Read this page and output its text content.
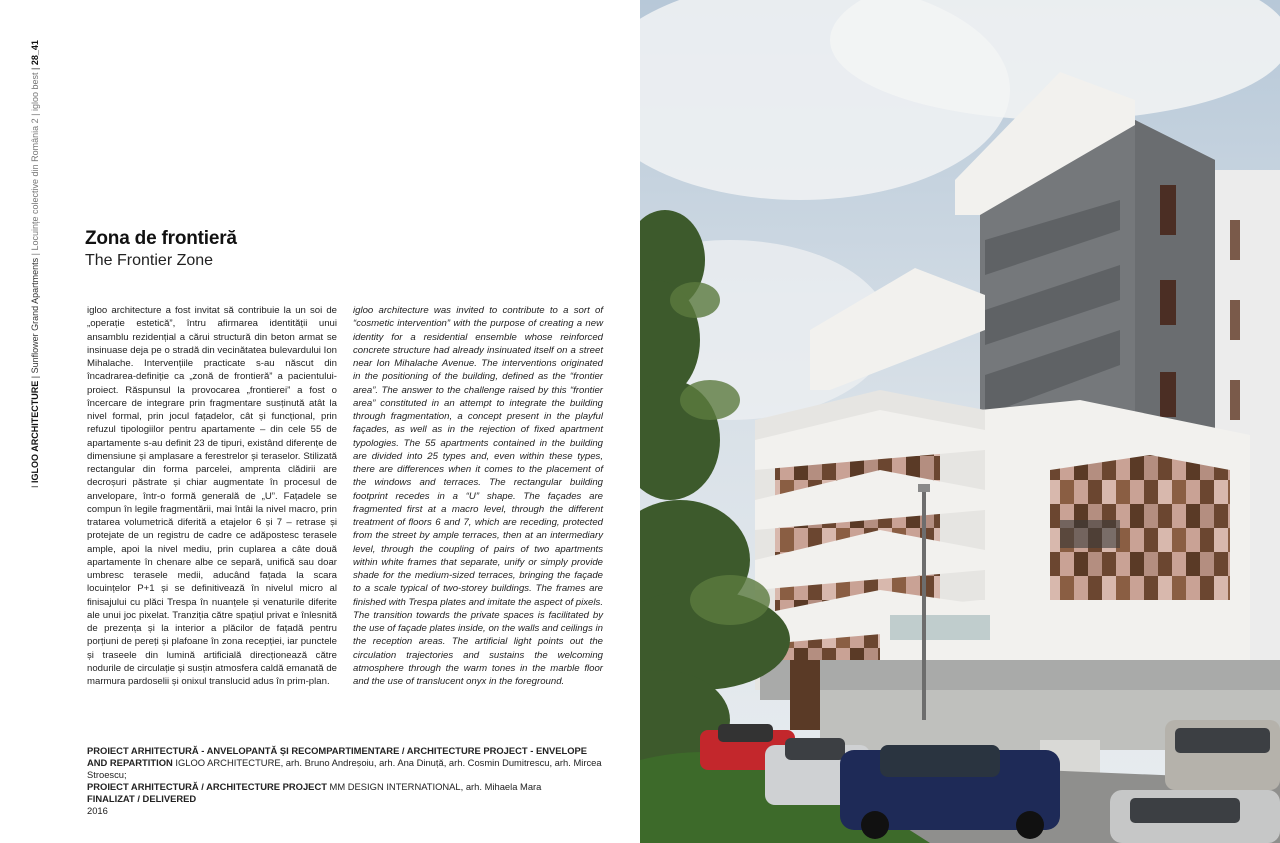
I IGLOO ARCHITECTURE | Sunflower Grand Apartments | Locuințe colective din România 2 | igloo best | 28_41
Zona de frontieră
The Frontier Zone
igloo architecture a fost invitat să contribuie la un soi de „operație estetică”, întru afirmarea identității unui ansamblu rezidențial a cărui structură din beton armat se insinuase deja pe o stradă din vecinătatea bulevardului Ion Mihalache. Intervențiile practicate s-au născut din încadrarea-definiție ca „zonă de frontieră” a pacientului-proiect. Răspunsul la provocarea „frontierei” a fost o încercare de integrare prin fragmentare susținută atât la nivel formal, prin jocul fațadelor, cât și funcțional, prin refuzul tipologiilor pentru apartamente – din cele 55 de apartamente s-au definit 23 de tipuri, existând diferențe de dimensiune și amplasare a ferestrelor și teraselor. Stilizată rectangular din forma parcelei, amprenta clădirii are decroșuri păstrate și chiar augmentate în procesul de anvelopare, într-o formă generală de „U”. Fațadele se compun în legile fragmentării, mai întâi la nivel macro, prin tratarea volumetrică diferită a etajelor 6 și 7 – retrase și protejate de un registru de cadre ce adăpostesc terasele ample, apoi la nivel mediu, prin cuplarea a câte două apartamente în chenare albe ce separă, unifică sau doar umbresc terasele medii, aducând fațada la scara locuințelor P+1 și se definitivează în nivelul micro al finisajului cu plăci Trespa în nuanțele și venaturile diferite ale unui joc pixelat. Tranziția către spațiul privat e înlesnită de prezența și la interior a plăcilor de fațadă pentru porțiuni de pereți și plafoane în zona recepției, iar punctele și traseele din lumină artificială direcționează către nodurile de circulație și susțin atmosfera caldă emanată de marmura pardoselii și onixul translucid adus în prim-plan.
igloo architecture was invited to contribute to a sort of “cosmetic intervention” with the purpose of creating a new identity for a residential ensemble whose reinforced concrete structure had already insinuated itself on a street near Ion Mihalache Avenue. The interventions originated in the positioning of the building, defined as the “frontier area”. The answer to the challenge raised by this “frontier area” constituted in an attempt to integrate the building through fragmentation, a concept present in the playful façades, as well as in the rejection of fixed apartment typologies. The 55 apartments contained in the building are divided into 25 types and, even within these types, there are differences when it comes to the placement of the windows and terraces. The rectangular building footprint recedes in a “U” shape. The façades are fragmented first at a macro level, through the different treatment of floors 6 and 7, which are receding, protected from the street by ample terraces, then at an intermediary level, through the coupling of pairs of two apartments within white frames that separate, unify or simply provide shade for the medium-sized terraces, bringing the façade to a scale typical of two-storey buildings. The frames are finished with Trespa plates and imitate the aspect of pixels. The transition towards the private spaces is facilitated by the use of façade plates inside, on the walls and ceilings in the reception areas. The artificial light points out the circulation trajectories and sustains the welcoming atmosphere through the warm tones in the marble floor and the use of translucent onyx in the foreground.
PROIECT ARHITECTURĂ - ANVELOPANTĂ ȘI RECOMPARTIMENTARE / ARCHITECTURE PROJECT - ENVELOPE AND REPARTITION IGLOO ARCHITECTURE, arh. Bruno Andreșoiu, arh. Ana Dinuță, arh. Cosmin Dumitrescu, arh. Mircea Stroescu;
PROIECT ARHITECTURĂ / ARCHITECTURE PROJECT MM DESIGN INTERNATIONAL, arh. Mihaela Mara
FINALIZAT / DELIVERED
2016
